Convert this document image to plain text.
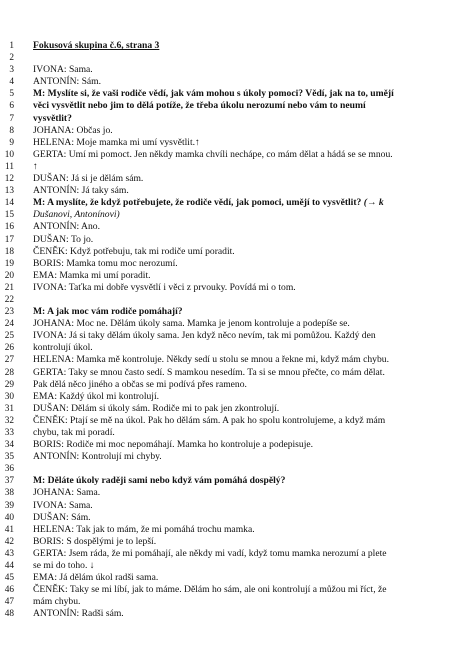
1 Fokusová skupina č.6, strana 3
2
3 IVONA: Sama.
4 ANTONÍN: Sám.
5 M: Myslíte si, že vaši rodiče vědí, jak vám mohou s úkoly pomoci? Vědí, jak na to, umějí
6 věci vysvětlit nebo jim to dělá potíže, že třeba úkolu nerozumí nebo vám to neumí
7 vysvětlit?
8 JOHANA: Občas jo.
9 HELENA: Moje mamka mi umí vysvětlit.↑
10 GERTA: Umí mi pomoct. Jen někdy mamka chvíli nechápe, co mám dělat a hádá se se mnou.
11 ↑
12 DUŠAN: Já si je dělám sám.
13 ANTONÍN: Já taky sám.
14 M: A myslíte, že když potřebujete, že rodiče vědí, jak pomoci, umějí to vysvětlit? (→ k
15 Dušanovi, Antonínovi)
16 ANTONÍN: Ano.
17 DUŠAN: To jo.
18 ČENĚK: Když potřebuju, tak mi rodiče umí poradit.
19 BORIS: Mamka tomu moc nerozumí.
20 EMA: Mamka mi umí poradit.
21 IVONA: Taťka mi dobře vysvětlí i věci z prvouky. Povídá mi o tom.
22
23 M: A jak moc vám rodiče pomáhají?
24 JOHANA: Moc ne. Dělám úkoly sama. Mamka je jenom kontroluje a podepíše se.
25 IVONA: Já si taky dělám úkoly sama. Jen když něco nevím, tak mi pomůžou. Každý den
26 kontrolují úkol.
27 HELENA: Mamka mě kontroluje. Někdy sedí u stolu se mnou a řekne mi, když mám chybu.
28 GERTA: Taky se mnou často sedí. S mamkou nesedím. Ta si se mnou přečte, co mám dělat.
29 Pak dělá něco jiného a občas se mi podívá přes rameno.
30 EMA: Každý úkol mi kontrolují.
31 DUŠAN: Dělám si úkoly sám. Rodiče mi to pak jen zkontrolují.
32 ČENĚK: Ptají se mě na úkol. Pak ho dělám sám. A pak ho spolu kontrolujeme, a když mám
33 chybu, tak mi poradí.
34 BORIS: Rodiče mi moc nepomáhají. Mamka ho kontroluje a podepisuje.
35 ANTONÍN: Kontrolují mi chyby.
36
37 M: Děláte úkoly raději sami nebo když vám pomáhá dospělý?
38 JOHANA: Sama.
39 IVONA: Sama.
40 DUŠAN: Sám.
41 HELENA: Tak jak to mám, že mi pomáhá trochu mamka.
42 BORIS: S dospělými je to lepší.
43 GERTA: Jsem ráda, že mi pomáhají, ale někdy mi vadí, když tomu mamka nerozumí a plete
44 se mi do toho. ↓
45 EMA: Já dělám úkol radši sama.
46 ČENĚK: Taky se mi líbí, jak to máme. Dělám ho sám, ale oni kontrolují a můžou mi říct, že
47 mám chybu.
48 ANTONÍN: Radši sám.
